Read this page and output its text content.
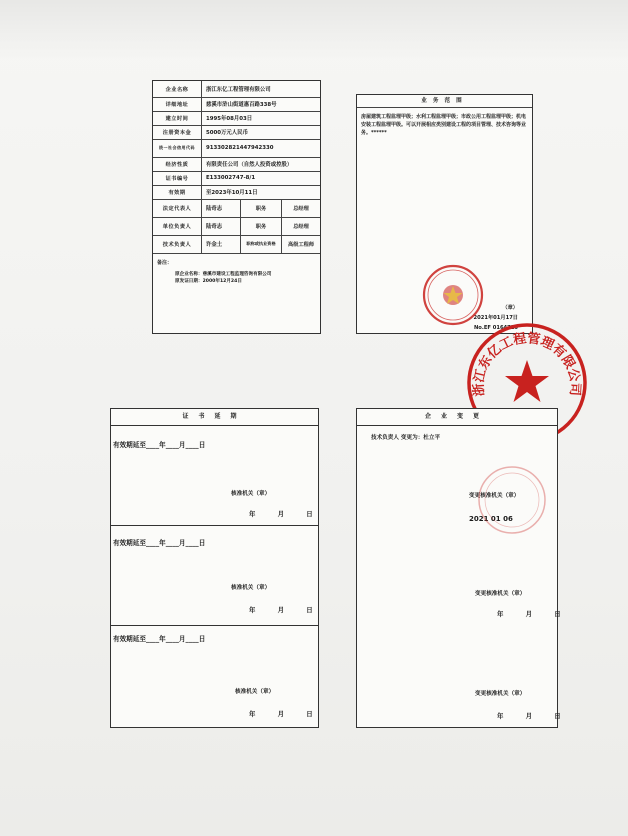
企业名称	浙江东亿工程管理有限公司
详细地址	慈溪市浒山街道惠百路338号
建立时间	1995年08月03日
注册资本金	5000万元人民币
统一社会信用代码	913302821447942330
经济性质	有限责任公司（自然人投资或控股）
证书编号	E133002747-8/1
有效期	至2023年10月11日
法定代表人	陆奇志	职务	总经理
单位负责人	陆奇志	职务	总经理
技术负责人	许金土	职称或执业资格	高级工程师
备注：
原企业名称：慈溪市建设工程监理咨询有限公司
原发证日期：2000年12月24日
业务范围
房屋建筑工程监理甲级；水利工程监理甲级；市政公用工程监理甲级；机电安装工程监理甲级。可以开展相应类别建设工程的项目管理、技术咨询等业务。******
（章）
2021年01月17日
No.EF 0164725
浙江东亿工程管理有限公司
证书延期
有效期延至____年____月____日
核准机关（章）
年 月 日
有效期延至____年____月____日
核准机关（章）
年 月 日
有效期延至____年____月____日
核准机关（章）
年 月 日
企业变更
技术负责人 变更为：杜立平
变更核准机关（章）
2021 01 06
变更核准机关（章）
年 月 日
变更核准机关（章）
年 月 日
